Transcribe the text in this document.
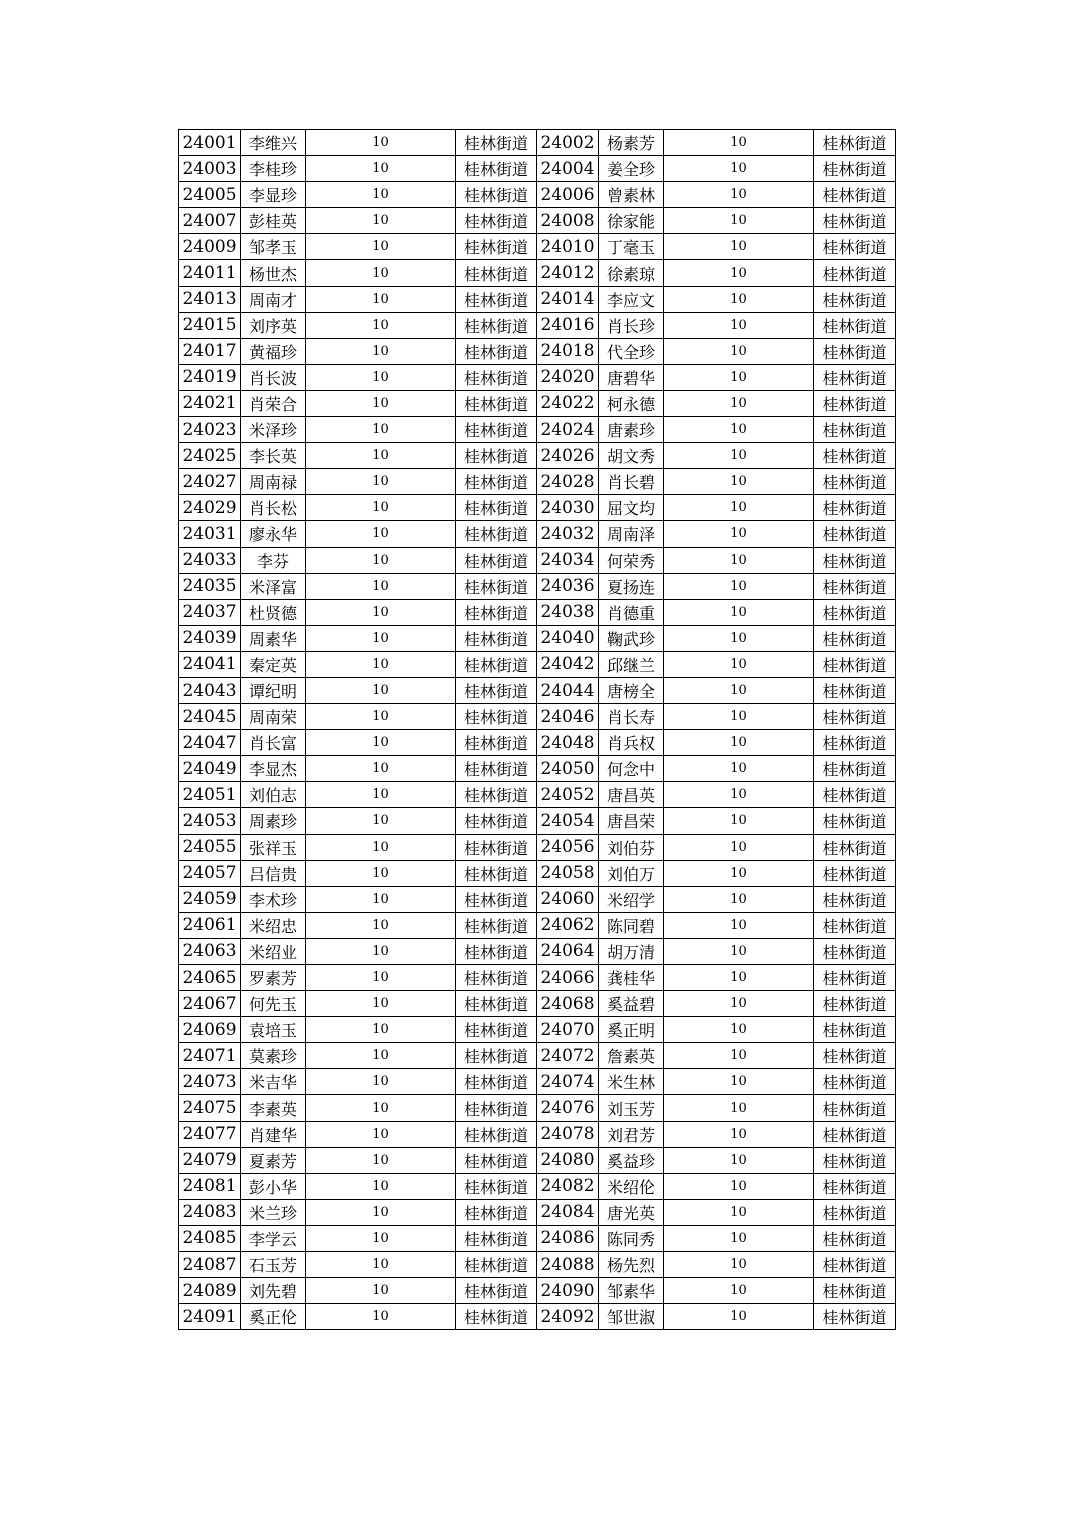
24001	李维兴	10	桂林街道	24002	杨素芳	10	桂林街道
24003	李桂珍	10	桂林街道	24004	姜全珍	10	桂林街道
24005	李显珍	10	桂林街道	24006	曾素林	10	桂林街道
24007	彭桂英	10	桂林街道	24008	徐家能	10	桂林街道
24009	邹孝玉	10	桂林街道	24010	丁毫玉	10	桂林街道
24011	杨世杰	10	桂林街道	24012	徐素琼	10	桂林街道
24013	周南才	10	桂林街道	24014	李应文	10	桂林街道
24015	刘序英	10	桂林街道	24016	肖长珍	10	桂林街道
24017	黄福珍	10	桂林街道	24018	代全珍	10	桂林街道
24019	肖长波	10	桂林街道	24020	唐碧华	10	桂林街道
24021	肖荣合	10	桂林街道	24022	柯永德	10	桂林街道
24023	米泽珍	10	桂林街道	24024	唐素珍	10	桂林街道
24025	李长英	10	桂林街道	24026	胡文秀	10	桂林街道
24027	周南禄	10	桂林街道	24028	肖长碧	10	桂林街道
24029	肖长松	10	桂林街道	24030	屈文均	10	桂林街道
24031	廖永华	10	桂林街道	24032	周南泽	10	桂林街道
24033	李芬	10	桂林街道	24034	何荣秀	10	桂林街道
24035	米泽富	10	桂林街道	24036	夏扬连	10	桂林街道
24037	杜贤德	10	桂林街道	24038	肖德重	10	桂林街道
24039	周素华	10	桂林街道	24040	鞠武珍	10	桂林街道
24041	秦定英	10	桂林街道	24042	邱继兰	10	桂林街道
24043	谭纪明	10	桂林街道	24044	唐榜全	10	桂林街道
24045	周南荣	10	桂林街道	24046	肖长寿	10	桂林街道
24047	肖长富	10	桂林街道	24048	肖兵权	10	桂林街道
24049	李显杰	10	桂林街道	24050	何念中	10	桂林街道
24051	刘伯志	10	桂林街道	24052	唐昌英	10	桂林街道
24053	周素珍	10	桂林街道	24054	唐昌荣	10	桂林街道
24055	张祥玉	10	桂林街道	24056	刘伯芬	10	桂林街道
24057	吕信贵	10	桂林街道	24058	刘伯万	10	桂林街道
24059	李术珍	10	桂林街道	24060	米绍学	10	桂林街道
24061	米绍忠	10	桂林街道	24062	陈同碧	10	桂林街道
24063	米绍业	10	桂林街道	24064	胡万清	10	桂林街道
24065	罗素芳	10	桂林街道	24066	龚桂华	10	桂林街道
24067	何先玉	10	桂林街道	24068	奚益碧	10	桂林街道
24069	袁培玉	10	桂林街道	24070	奚正明	10	桂林街道
24071	莫素珍	10	桂林街道	24072	詹素英	10	桂林街道
24073	米吉华	10	桂林街道	24074	米生林	10	桂林街道
24075	李素英	10	桂林街道	24076	刘玉芳	10	桂林街道
24077	肖建华	10	桂林街道	24078	刘君芳	10	桂林街道
24079	夏素芳	10	桂林街道	24080	奚益珍	10	桂林街道
24081	彭小华	10	桂林街道	24082	米绍伦	10	桂林街道
24083	米兰珍	10	桂林街道	24084	唐光英	10	桂林街道
24085	李学云	10	桂林街道	24086	陈同秀	10	桂林街道
24087	石玉芳	10	桂林街道	24088	杨先烈	10	桂林街道
24089	刘先碧	10	桂林街道	24090	邹素华	10	桂林街道
24091	奚正伦	10	桂林街道	24092	邹世淑	10	桂林街道
